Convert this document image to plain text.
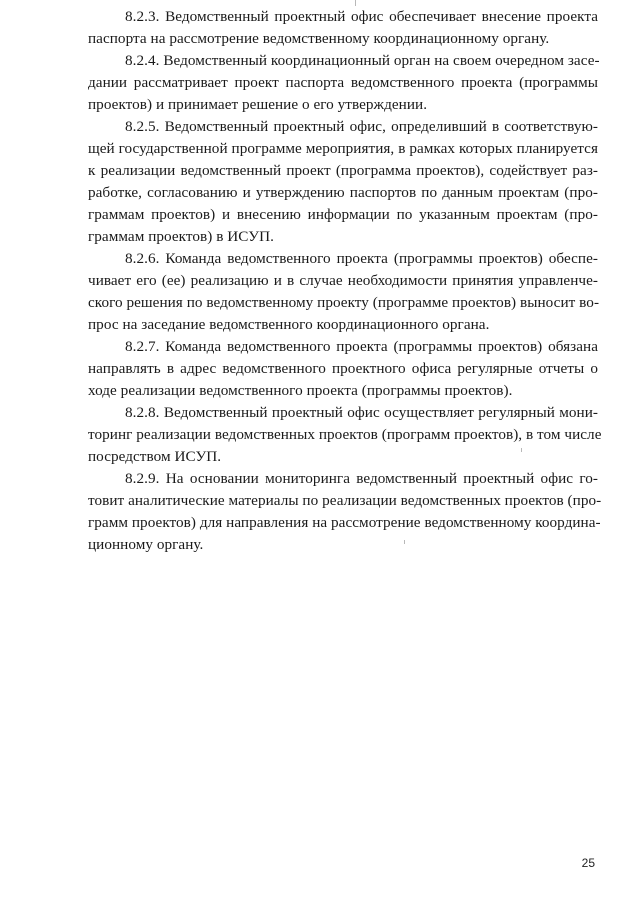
8.2.3. Ведомственный проектный офис обеспечивает внесение проекта
паспорта на рассмотрение ведомственному координационному органу.
8.2.4. Ведомственный координационный орган на своем очередном засе-
дании рассматривает проект паспорта ведомственного проекта (программы
проектов) и принимает решение о его утверждении.
8.2.5. Ведомственный проектный офис, определивший в соответствую-
щей государственной программе мероприятия, в рамках которых планируется
к реализации ведомственный проект (программа проектов), содействует раз-
работке, согласованию и утверждению паспортов по данным проектам (про-
граммам проектов) и внесению информации по указанным проектам (про-
граммам проектов) в ИСУП.
8.2.6. Команда ведомственного проекта (программы проектов) обеспе-
чивает его (ее) реализацию и в случае необходимости принятия управленче-
ского решения по ведомственному проекту (программе проектов) выносит во-
прос на заседание ведомственного координационного органа.
8.2.7. Команда ведомственного проекта (программы проектов) обязана
направлять в адрес ведомственного проектного офиса регулярные отчеты о
ходе реализации ведомственного проекта (программы проектов).
8.2.8. Ведомственный проектный офис осуществляет регулярный мони-
торинг реализации ведомственных проектов (программ проектов), в том числе
посредством ИСУП.
8.2.9. На основании мониторинга ведомственный проектный офис го-
товит аналитические материалы по реализации ведомственных проектов (про-
грамм проектов) для направления на рассмотрение ведомственному координа-
ционному органу.
25
